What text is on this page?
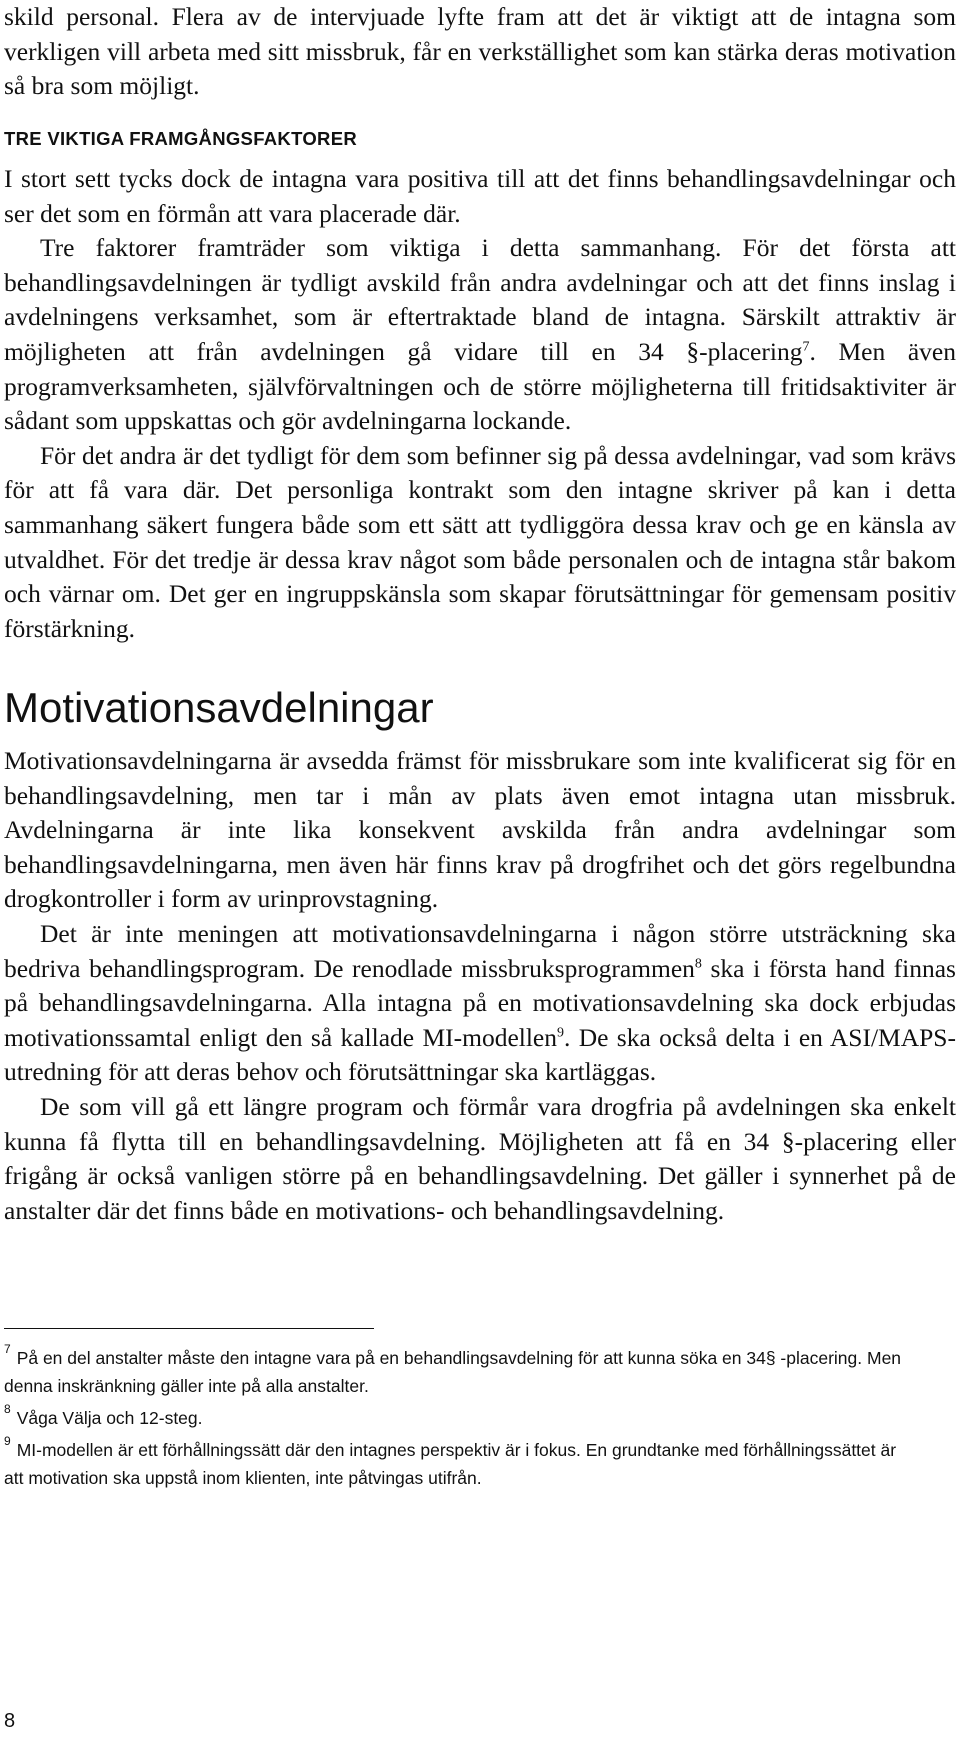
skild personal. Flera av de intervjuade lyfte fram att det är viktigt att de intagna som verkligen vill arbeta med sitt missbruk, får en verkställighet som kan stärka deras motivation så bra som möjligt.

TRE VIKTIGA FRAMGÅNGSFAKTORER

I stort sett tycks dock de intagna vara positiva till att det finns behandlingsavdelningar och ser det som en förmån att vara placerade där.

Tre faktorer framträder som viktiga i detta sammanhang. För det första att behandlingsavdelningen är tydligt avskild från andra avdelningar och att det finns inslag i avdelningens verksamhet, som är eftertraktade bland de intagna. Särskilt attraktiv är möjligheten att från avdelningen gå vidare till en 34 §-placering$^7$. Men även programverksamheten, självförvaltningen och de större möjligheterna till fritidsaktiviter är sådant som uppskattas och gör avdelningarna lockande.

För det andra är det tydligt för dem som befinner sig på dessa avdelningar, vad som krävs för att få vara där. Det personliga kontrakt som den intagne skriver på kan i detta sammanhang säkert fungera både som ett sätt att tydliggöra dessa krav och ge en känsla av utvaldhet. För det tredje är dessa krav något som både personalen och de intagna står bakom och värnar om. Det ger en ingruppskänsla som skapar förutsättningar för gemensam positiv förstärkning.

Motivationsavdelningar

Motivationsavdelningarna är avsedda främst för missbrukare som inte kvalificerat sig för en behandlingsavdelning, men tar i mån av plats även emot intagna utan missbruk. Avdelningarna är inte lika konsekvent avskilda från andra avdelningar som behandlingsavdelningarna, men även här finns krav på drogfrihet och det görs regelbundna drogkontroller i form av urinprovstagning.

Det är inte meningen att motivationsavdelningarna i någon större utsträckning ska bedriva behandlingsprogram. De renodlade missbruksprogrammen$^8$ ska i första hand finnas på behandlingsavdelningarna. Alla intagna på en motivationsavdelning ska dock erbjudas motivationssamtal enligt den så kallade MI-modellen$^9$. De ska också delta i en ASI/MAPS-utredning för att deras behov och förutsättningar ska kartläggas.

De som vill gå ett längre program och förmår vara drogfria på avdelningen ska enkelt kunna få flytta till en behandlingsavdelning. Möjligheten att få en 34 §-placering eller frigång är också vanligen större på en behandlingsavdelning. Det gäller i synnerhet på de anstalter där det finns både en motivations- och behandlingsavdelning.

$^7$ På en del anstalter måste den intagne vara på en behandlingsavdelning för att kunna söka en 34§ -placering. Men denna inskränkning gäller inte på alla anstalter.

$^8$ Våga Välja och 12-steg.

$^9$ MI-modellen är ett förhållningssätt där den intagnes perspektiv är i fokus. En grundtanke med förhållningssättet är att motivation ska uppstå inom klienten, inte påtvingas utifrån.

8
